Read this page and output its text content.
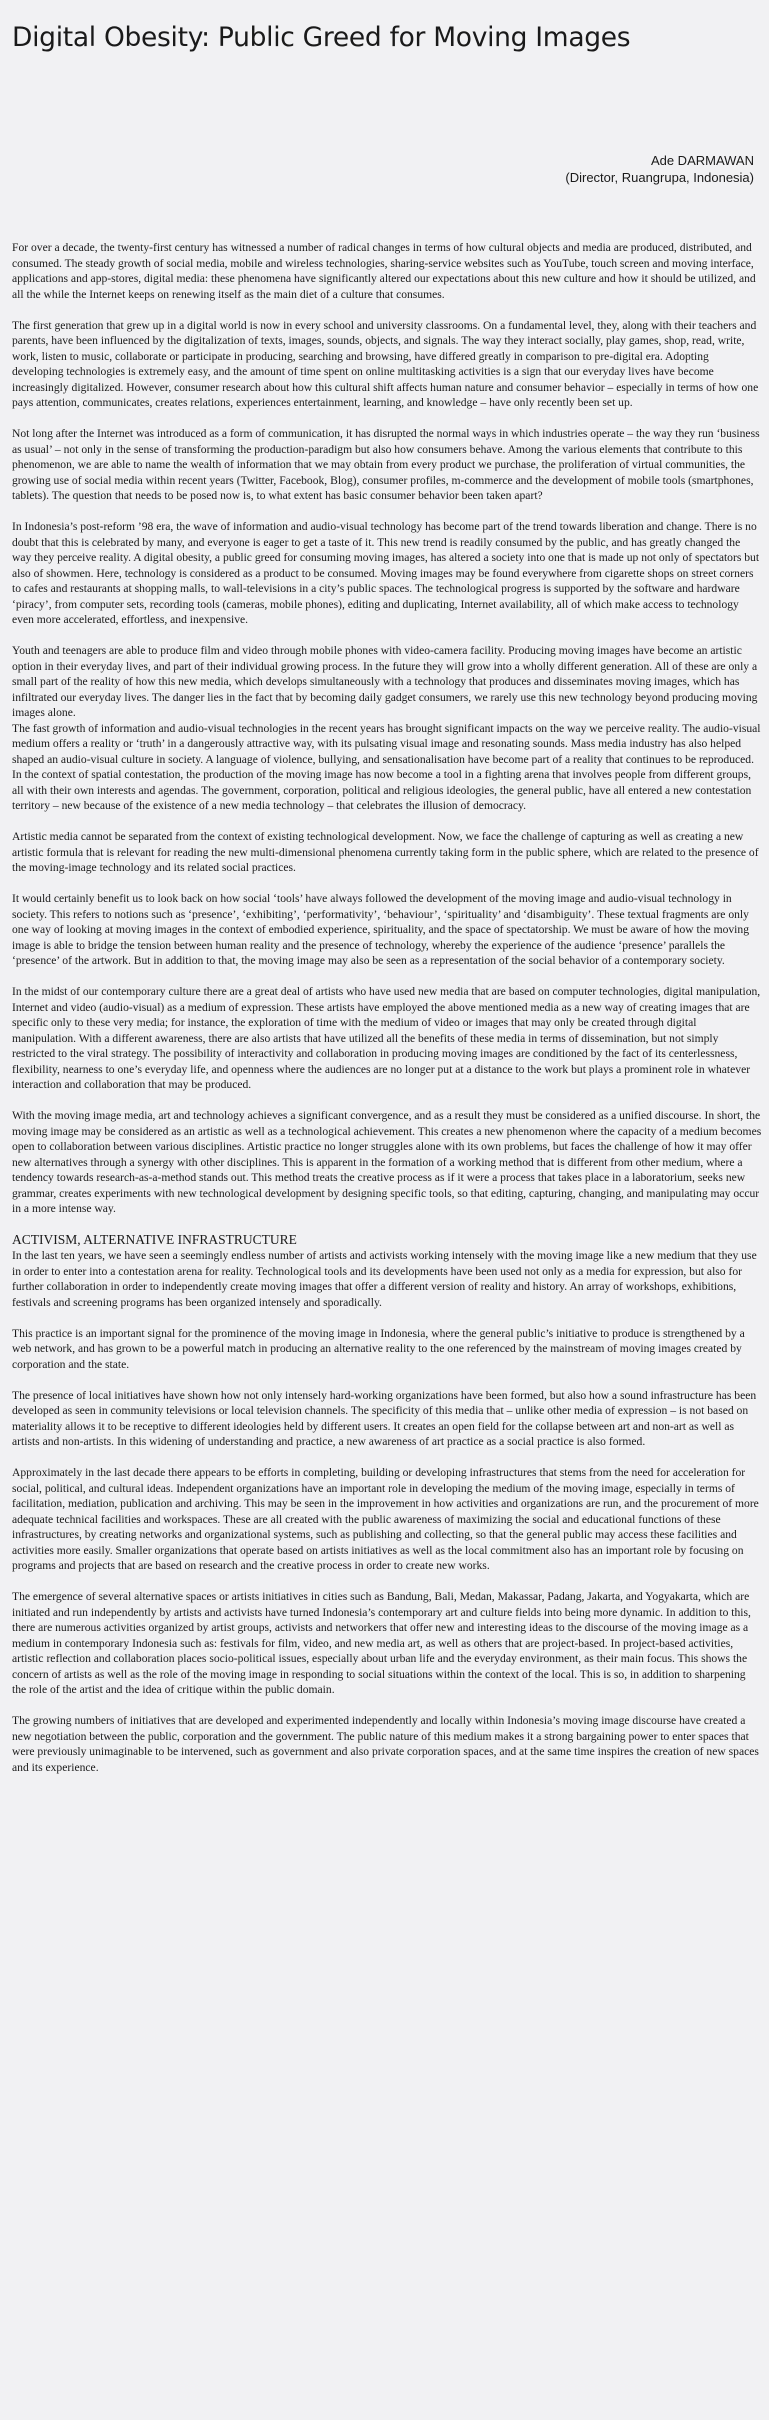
Digital Obesity: Public Greed for Moving Images
Ade DARMAWAN
(Director, Ruangrupa, Indonesia)

For over a decade, the twenty-first century has witnessed a number of radical changes in terms of how cultural objects and media are produced, distributed, and consumed. The steady growth of social media, mobile and wireless technologies, sharing-service websites such as YouTube, touch screen and moving interface, applications and app-stores, digital media: these phenomena have significantly altered our expectations about this new culture and how it should be utilized, and all the while the Internet keeps on renewing itself as the main diet of a culture that consumes.

The first generation that grew up in a digital world is now in every school and university classrooms. On a fundamental level, they, along with their teachers and parents, have been influenced by the digitalization of texts, images, sounds, objects, and signals. The way they interact socially, play games, shop, read, write, work, listen to music, collaborate or participate in producing, searching and browsing, have differed greatly in comparison to pre-digital era. Adopting developing technologies is extremely easy, and the amount of time spent on online multitasking activities is a sign that our everyday lives have become increasingly digitalized. However, consumer research about how this cultural shift affects human nature and consumer behavior – especially in terms of how one pays attention, communicates, creates relations, experiences entertainment, learning, and knowledge – have only recently been set up.

Not long after the Internet was introduced as a form of communication, it has disrupted the normal ways in which industries operate – the way they run ‘business as usual’ – not only in the sense of transforming the production-paradigm but also how consumers behave. Among the various elements that contribute to this phenomenon, we are able to name the wealth of information that we may obtain from every product we purchase, the proliferation of virtual communities, the growing use of social media within recent years (Twitter, Facebook, Blog), consumer profiles, m-commerce and the development of mobile tools (smartphones, tablets). The question that needs to be posed now is, to what extent has basic consumer behavior been taken apart?

In Indonesia’s post-reform ’98 era, the wave of information and audio-visual technology has become part of the trend towards liberation and change. There is no doubt that this is celebrated by many, and everyone is eager to get a taste of it. This new trend is readily consumed by the public, and has greatly changed the way they perceive reality. A digital obesity, a public greed for consuming moving images, has altered a society into one that is made up not only of spectators but also of showmen. Here, technology is considered as a product to be consumed. Moving images may be found everywhere from cigarette shops on street corners to cafes and restaurants at shopping malls, to wall-televisions in a city’s public spaces. The technological progress is supported by the software and hardware ‘piracy’, from computer sets, recording tools (cameras, mobile phones), editing and duplicating, Internet availability, all of which make access to technology even more accelerated, effortless, and inexpensive.

Youth and teenagers are able to produce film and video through mobile phones with video-camera facility. Producing moving images have become an artistic option in their everyday lives, and part of their individual growing process. In the future they will grow into a wholly different generation. All of these are only a small part of the reality of how this new media, which develops simultaneously with a technology that produces and disseminates moving images, which has infiltrated our everyday lives. The danger lies in the fact that by becoming daily gadget consumers, we rarely use this new technology beyond producing moving images alone.

The fast growth of information and audio-visual technologies in the recent years has brought significant impacts on the way we perceive reality. The audio-visual medium offers a reality or ‘truth’ in a dangerously attractive way, with its pulsating visual image and resonating sounds. Mass media industry has also helped shaped an audio-visual culture in society. A language of violence, bullying, and sensationalisation have become part of a reality that continues to be reproduced. In the context of spatial contestation, the production of the moving image has now become a tool in a fighting arena that involves people from different groups, all with their own interests and agendas. The government, corporation, political and religious ideologies, the general public, have all entered a new contestation territory – new because of the existence of a new media technology – that celebrates the illusion of democracy.

Artistic media cannot be separated from the context of existing technological development. Now, we face the challenge of capturing as well as creating a new artistic formula that is relevant for reading the new multi-dimensional phenomena currently taking form in the public sphere, which are related to the presence of the moving-image technology and its related social practices.

It would certainly benefit us to look back on how social ‘tools’ have always followed the development of the moving image and audio-visual technology in society. This refers to notions such as ‘presence’, ‘exhibiting’, ‘performativity’, ‘behaviour’, ‘spirituality’ and ‘disambiguity’. These textual fragments are only one way of looking at moving images in the context of embodied experience, spirituality, and the space of spectatorship. We must be aware of how the moving image is able to bridge the tension between human reality and the presence of technology, whereby the experience of the audience ‘presence’ parallels the ‘presence’ of the artwork. But in addition to that, the moving image may also be seen as a representation of the social behavior of a contemporary society.

In the midst of our contemporary culture there are a great deal of artists who have used new media that are based on computer technologies, digital manipulation, Internet and video (audio-visual) as a medium of expression. These artists have employed the above mentioned media as a new way of creating images that are specific only to these very media; for instance, the exploration of time with the medium of video or images that may only be created through digital manipulation. With a different awareness, there are also artists that have utilized all the benefits of these media in terms of dissemination, but not simply restricted to the viral strategy. The possibility of interactivity and collaboration in producing moving images are conditioned by the fact of its centerlessness, flexibility, nearness to one’s everyday life, and openness where the audiences are no longer put at a distance to the work but plays a prominent role in whatever interaction and collaboration that may be produced.

With the moving image media, art and technology achieves a significant convergence, and as a result they must be considered as a unified discourse. In short, the moving image may be considered as an artistic as well as a technological achievement. This creates a new phenomenon where the capacity of a medium becomes open to collaboration between various disciplines. Artistic practice no longer struggles alone with its own problems, but faces the challenge of how it may offer new alternatives through a synergy with other disciplines. This is apparent in the formation of a working method that is different from other medium, where a tendency towards research-as-a-method stands out. This method treats the creative process as if it were a process that takes place in a laboratorium, seeks new grammar, creates experiments with new technological development by designing specific tools, so that editing, capturing, changing, and manipulating may occur in a more intense way.

ACTIVISM, ALTERNATIVE INFRASTRUCTURE

In the last ten years, we have seen a seemingly endless number of artists and activists working intensely with the moving image like a new medium that they use in order to enter into a contestation arena for reality. Technological tools and its developments have been used not only as a media for expression, but also for further collaboration in order to independently create moving images that offer a different version of reality and history. An array of workshops, exhibitions, festivals and screening programs has been organized intensely and sporadically.

This practice is an important signal for the prominence of the moving image in Indonesia, where the general public’s initiative to produce is strengthened by a web network, and has grown to be a powerful match in producing an alternative reality to the one referenced by the mainstream of moving images created by corporation and the state.

The presence of local initiatives have shown how not only intensely hard-working organizations have been formed, but also how a sound infrastructure has been developed as seen in community televisions or local television channels. The specificity of this media that – unlike other media of expression – is not based on materiality allows it to be receptive to different ideologies held by different users. It creates an open field for the collapse between art and non-art as well as artists and non-artists. In this widening of understanding and practice, a new awareness of art practice as a social practice is also formed.

Approximately in the last decade there appears to be efforts in completing, building or developing infrastructures that stems from the need for acceleration for social, political, and cultural ideas. Independent organizations have an important role in developing the medium of the moving image, especially in terms of facilitation, mediation, publication and archiving. This may be seen in the improvement in how activities and organizations are run, and the procurement of more adequate technical facilities and workspaces. These are all created with the public awareness of maximizing the social and educational functions of these infrastructures, by creating networks and organizational systems, such as publishing and collecting, so that the general public may access these facilities and activities more easily. Smaller organizations that operate based on artists initiatives as well as the local commitment also has an important role by focusing on programs and projects that are based on research and the creative process in order to create new works.

The emergence of several alternative spaces or artists initiatives in cities such as Bandung, Bali, Medan, Makassar, Padang, Jakarta, and Yogyakarta, which are initiated and run independently by artists and activists have turned Indonesia’s contemporary art and culture fields into being more dynamic. In addition to this, there are numerous activities organized by artist groups, activists and networkers that offer new and interesting ideas to the discourse of the moving image as a medium in contemporary Indonesia such as: festivals for film, video, and new media art, as well as others that are project-based. In project-based activities, artistic reflection and collaboration places socio-political issues, especially about urban life and the everyday environment, as their main focus. This shows the concern of artists as well as the role of the moving image in responding to social situations within the context of the local. This is so, in addition to sharpening the role of the artist and the idea of critique within the public domain.

The growing numbers of initiatives that are developed and experimented independently and locally within Indonesia’s moving image discourse have created a new negotiation between the public, corporation and the government. The public nature of this medium makes it a strong bargaining power to enter spaces that were previously unimaginable to be intervened, such as government and also private corporation spaces, and at the same time inspires the creation of new spaces and its experience.
